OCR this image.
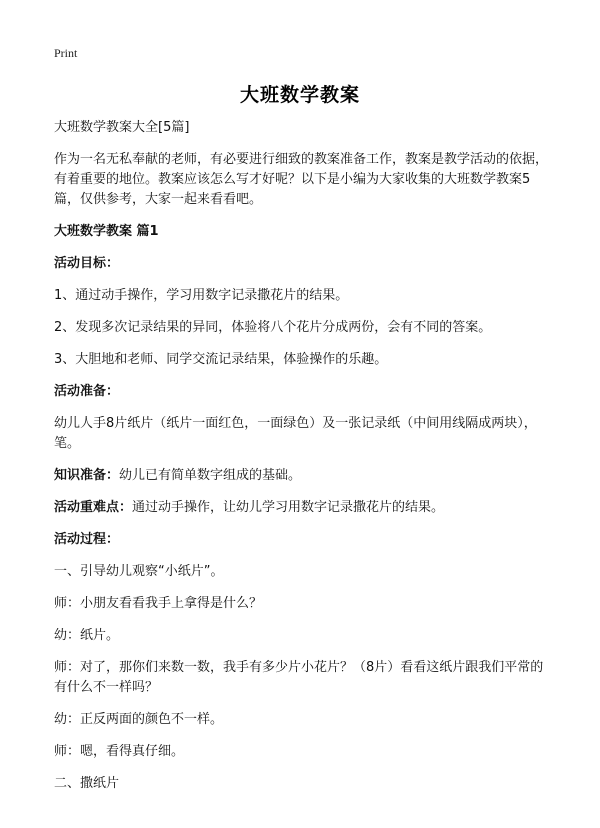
Print
大班数学教案

大班数学教案大全[5篇]

作为一名无私奉献的老师，有必要进行细致的教案准备工作，教案是教学活动的依据，有着重要的地位。教案应该怎么写才好呢？以下是小编为大家收集的大班数学教案5篇，仅供参考，大家一起来看看吧。

大班数学教案 篇1

活动目标：

1、通过动手操作，学习用数字记录撒花片的结果。

2、发现多次记录结果的异同，体验将八个花片分成两份，会有不同的答案。

3、大胆地和老师、同学交流记录结果，体验操作的乐趣。

活动准备：

幼儿人手8片纸片（纸片一面红色，一面绿色）及一张记录纸（中间用线隔成两块），笔。

知识准备：幼儿已有简单数字组成的基础。

活动重难点：通过动手操作，让幼儿学习用数字记录撒花片的结果。

活动过程：

一、引导幼儿观察“小纸片”。

师：小朋友看看我手上拿得是什么？

幼：纸片。

师：对了，那你们来数一数，我手有多少片小花片？（8片）看看这纸片跟我们平常的有什么不一样吗？

幼：正反两面的颜色不一样。

师：嗯，看得真仔细。

二、撒纸片
